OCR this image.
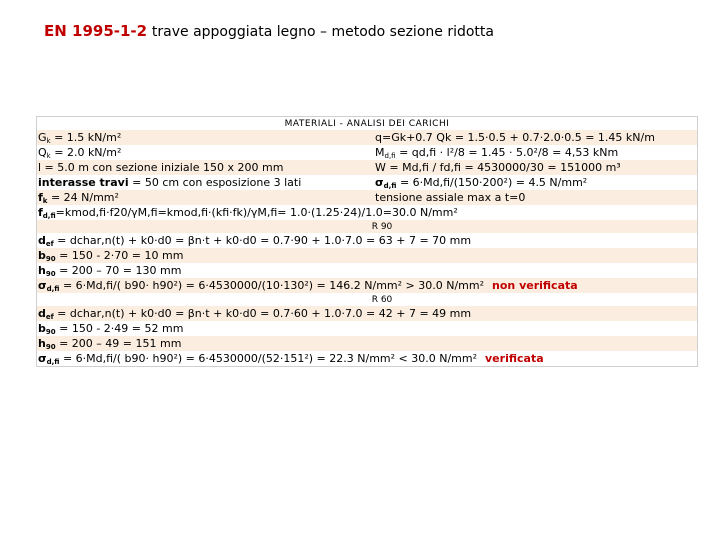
EN 1995-1-2 trave appoggiata legno – metodo sezione ridotta
MATERIALI - ANALISI DEI CARICHI
$G_k = 1.5$ kN/m²	q=Gk+0.7 Qk = 1.5·0.5 + 0.7·2.0·0.5 = 1.45 kN/m
$Q_k = 2.0$ kN/m²	$M_{d,fi} = qd,fi \cdot l^2/8 = 1.45 \cdot 5.0^2/8 = 4,53$ kNm
l = 5.0 m con sezione iniziale 150 x 200 mm	W = Md,fi / fd,fi = 4530000/30 = 151000 m³
interasse travi = 50 cm con esposizione 3 lati	$\sigma_{d,fi} = 6\cdot Md,fi/(150\cdot 200^2) = 4.5$ N/mm²
$f_k = 24$ N/mm²	tensione assiale max a t=0
$f_{d,fi}=kmod,fi\cdot f20/\gamma M,fi=kmod,fi\cdot(kfi\cdot fk)/\gamma M,fi= 1.0\cdot(1.25\cdot 24)/1.0=30.0$ N/mm²
R 90
$d_{ef}$ = dchar,n(t) + k0·d0 = βn·t + k0·d0 = 0.7·90 + 1.0·7.0 = 63 + 7 = 70 mm
$b_{90} = 150 - 2\cdot 70 = 10$ mm
$h_{90} = 200 - 70 = 130$ mm
$\sigma_{d,fi} = 6\cdot Md,fi/$( b90· h90²) = 6·4530000/(10·130²) = 146.2 N/mm² > 30.0 N/mm² non verificata
R 60
$d_{ef}$ = dchar,n(t) + k0·d0 = βn·t + k0·d0 = 0.7·60 + 1.0·7.0 = 42 + 7 = 49 mm
$b_{90} = 150 - 2\cdot 49 = 52$ mm
$h_{90} = 200 - 49 = 151$ mm
$\sigma_{d,fi} = 6\cdot Md,fi/$( b90· h90²) = 6·4530000/(52·151²) = 22.3 N/mm² < 30.0 N/mm² verificata
